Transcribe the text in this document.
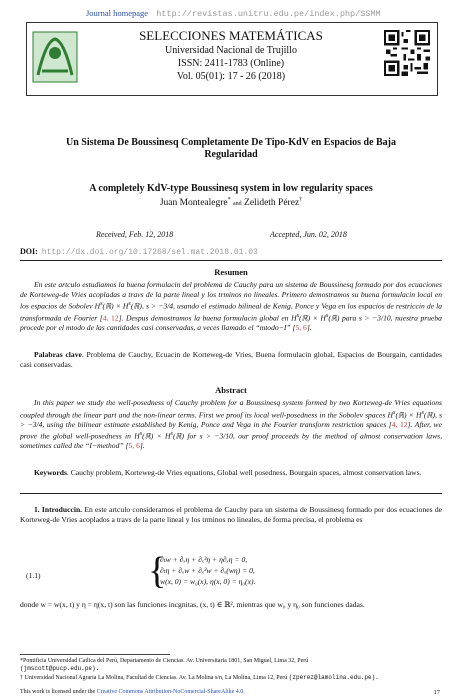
Journal homepage http://revistas.unitru.edu.pe/index.php/SSMM
SELECCIONES MATEMÁTICAS
Universidad Nacional de Trujillo
ISSN: 2411-1783 (Online)
Vol. 05(01): 17 - 26 (2018)
Un Sistema De Boussinesq Completamente De Tipo-KdV en Espacios de Baja Regularidad
A completely KdV-type Boussinesq system in low regularity spaces
Juan Montealegre* and Zelideth Pérez†
Received, Feb. 12, 2018	Accepted, Jun. 02, 2018
DOI: http://dx.doi.org/10.17268/sel.mat.2018.01.03
Resumen
En este artculo estudiamos la buena formulacin del problema de Cauchy para un sistema de Boussinesq formado por dos ecuaciones de Korteweg-de Vries acopladas a travs de la parte lineal y los trminos no lineales. Primero demostramos su buena formulacin local en los espacios de Sobolev $H^s(ℝ)$ × $H^s(ℝ)$, s > −3/4, usando el estimado bilineal de Kenig, Ponce y Vega en los espacios de restriccin de la transformada de Fourier [4, 12]. Despus demostramos la buena formulacin global en $H^s(ℝ)$ × $H^s(ℝ)$ para s > −3/10, nuestra prueba procede por el mtodo de las cantidades casi conservadas, a veces llamado el “mtodo−I” [5, 6].
Palabras clave. Problema de Cauchy, Ecuacin de Korteweg-de Vries, Buena formulacin global, Espacios de Bourgain, cantidades casi conservadas.
Abstract
In this paper we study the well-posedness of Cauchy problem for a Boussinesq system formed by two Korteweg-de Vries equations coupled through the linear part and the non-linear terms. First we proof its local well-posedness in the Sobolev spaces $H^s(ℝ)$ × $H^s(ℝ)$, s > −3/4, using the bilinear estimate established by Kenig, Ponce and Vega in the Fourier transform restriction spaces [4, 12]. After, we prove the global well-posedness in $H^s(ℝ)$ × $H^s(ℝ)$ for s > −3/10, our proof proceeds by the method of almost conservation laws, sometimes called the “I−method” [5, 6].
Keywords. Cauchy problem, Korteweg-de Vries equations, Global well posedness, Bourgain spaces, almost conservation laws.
1. Introduccin. En este artculo consideramos el problema de Cauchy para un sistema de Boussinesq formado por dos ecuaciones de Korteweg-de Vries acoplados a travs de la parte lineal y los trminos no lineales, de forma precisa, el problema es
(1.1)	{
∂ₜw + ∂ₓη + ∂ₓ³η + η∂ₓη = 0,
∂ₜη + ∂ₓw + ∂ₓ³w + ∂ₓ(wη) = 0,
w(x, 0) = w₀(x), η(x, 0) = η₀(x).
donde w = w(x, t) y η = η(x, t) son las funciones incgnitas, (x, t) ∈ ℝ², mientras que w₀ y η₀ son funciones dadas.
*Pontificia Universidad Catlica del Perú, Departamento de Ciencias. Av. Universitaria 1801, San Miguel, Lima 32, Perú
(jmscott@pucp.edu.pe).
† Universidad Nacional Agraria La Molina, Facultad de Ciencias. Av. La Molina s/n, La Molina, Lima 12, Perú (zperez@lamolina.edu.pe).
This work is licensed under the Creative Commons Attribution-NoComercial-ShareAlike 4.0.	17
